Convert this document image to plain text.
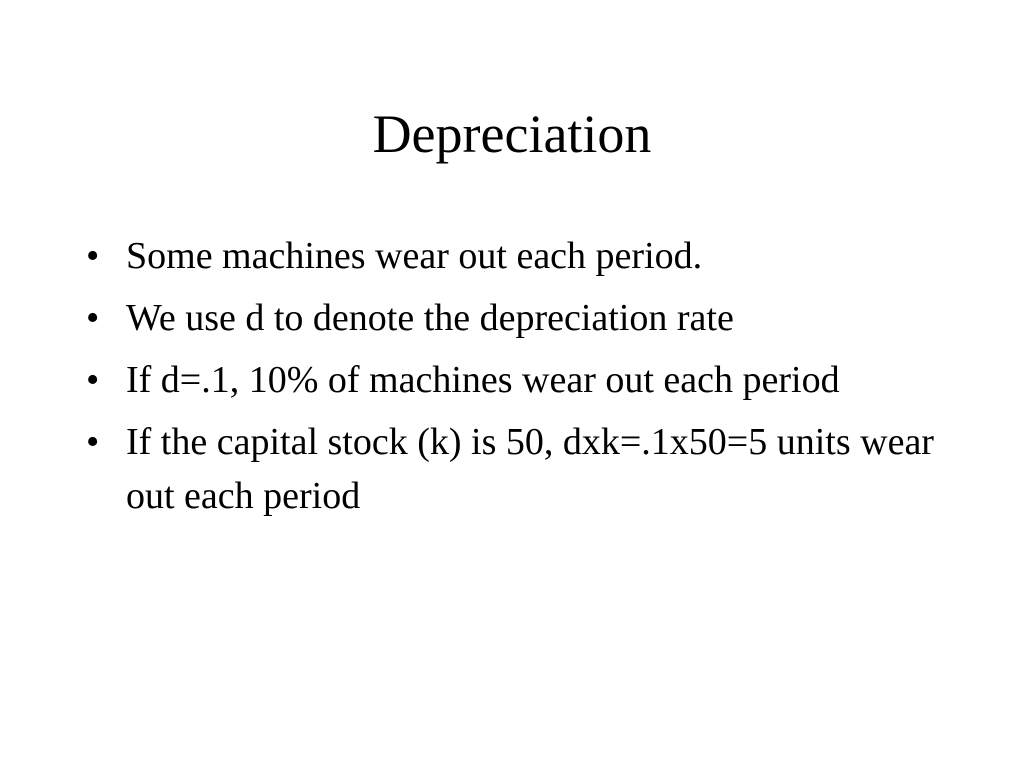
Depreciation
• Some machines wear out each period.
• We use d to denote the depreciation rate
• If d=.1, 10% of machines wear out each period
• If the capital stock (k) is 50, dxk=.1x50=5 units wear out each period
